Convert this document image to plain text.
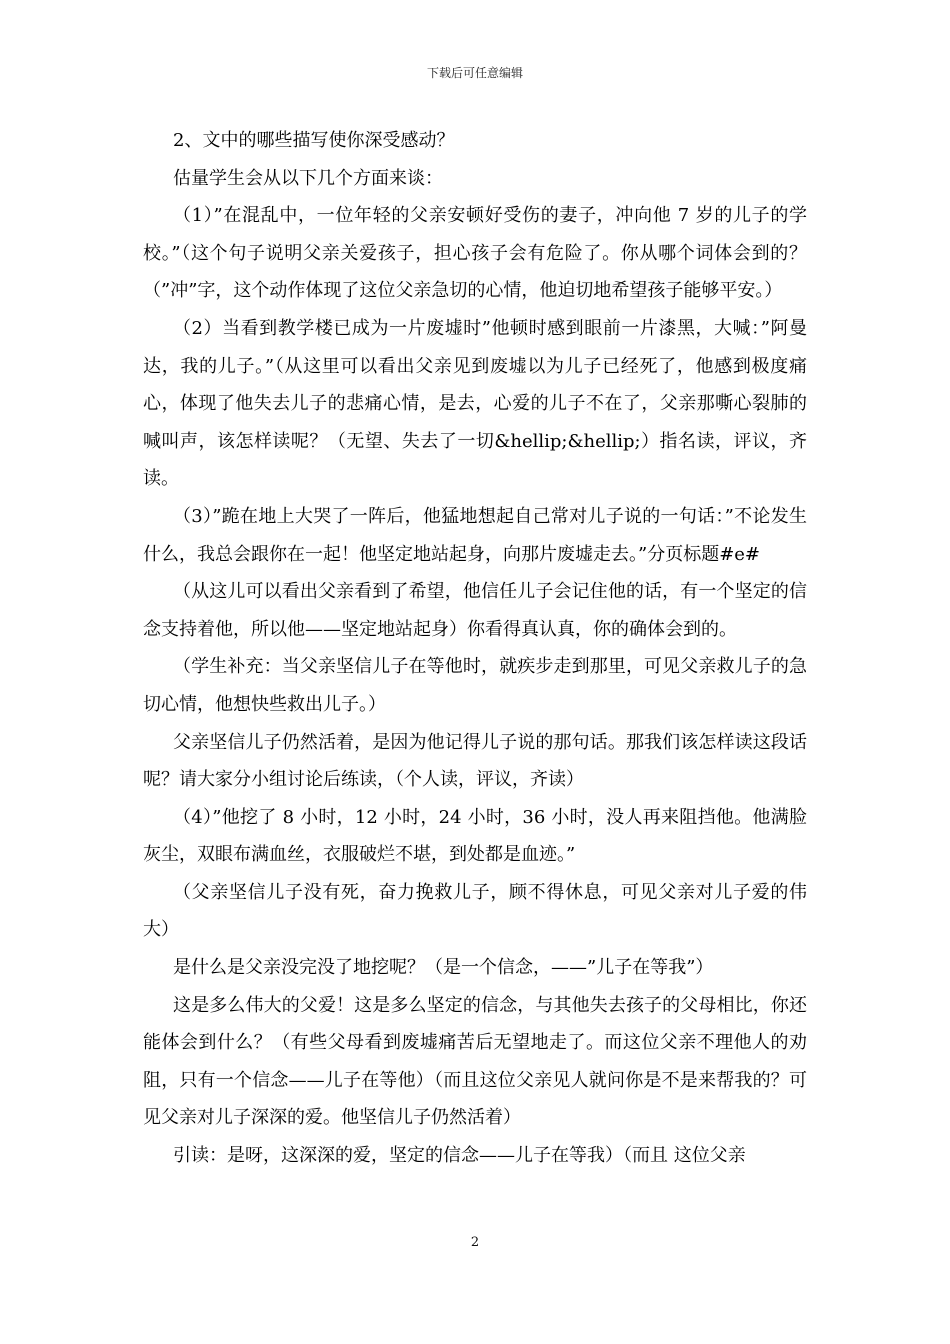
下载后可任意编辑

2、文中的哪些描写使你深受感动？

估量学生会从以下几个方面来谈：

（1）”在混乱中，一位年轻的父亲安顿好受伤的妻子，冲向他 7 岁的儿子的学校。”（这个句子说明父亲关爱孩子，担心孩子会有危险了。你从哪个词体会到的？（”冲”字，这个动作体现了这位父亲急切的心情，他迫切地希望孩子能够平安。）

（2）当看到教学楼已成为一片废墟时”他顿时感到眼前一片漆黑，大喊：”阿曼达，我的儿子。”（从这里可以看出父亲见到废墟以为儿子已经死了，他感到极度痛心，体现了他失去儿子的悲痛心情，是去，心爱的儿子不在了，父亲那嘶心裂肺的喊叫声，该怎样读呢？（无望、失去了一切&hellip;&hellip;）指名读，评议，齐读。

（3）”跪在地上大哭了一阵后，他猛地想起自己常对儿子说的一句话：”不论发生什么，我总会跟你在一起！他坚定地站起身，向那片废墟走去。”分页标题#e#

（从这儿可以看出父亲看到了希望，他信任儿子会记住他的话，有一个坚定的信念支持着他，所以他——坚定地站起身）你看得真认真，你的确体会到的。

（学生补充：当父亲坚信儿子在等他时，就疾步走到那里，可见父亲救儿子的急切心情，他想快些救出儿子。）

父亲坚信儿子仍然活着，是因为他记得儿子说的那句话。那我们该怎样读这段话呢？请大家分小组讨论后练读，（个人读，评议，齐读）

（4）”他挖了 8 小时，12 小时，24 小时，36 小时，没人再来阻挡他。他满脸灰尘，双眼布满血丝，衣服破烂不堪，到处都是血迹。”

（父亲坚信儿子没有死，奋力挽救儿子，顾不得休息，可见父亲对儿子爱的伟大）

是什么是父亲没完没了地挖呢？（是一个信念，——”儿子在等我”）

这是多么伟大的父爱！这是多么坚定的信念，与其他失去孩子的父母相比，你还能体会到什么？（有些父母看到废墟痛苦后无望地走了。而这位父亲不理他人的劝阻，只有一个信念——儿子在等他）（而且这位父亲见人就问你是不是来帮我的？可见父亲对儿子深深的爱。他坚信儿子仍然活着）

引读：是呀，这深深的爱，坚定的信念——儿子在等我）（而且 这位父亲

2
